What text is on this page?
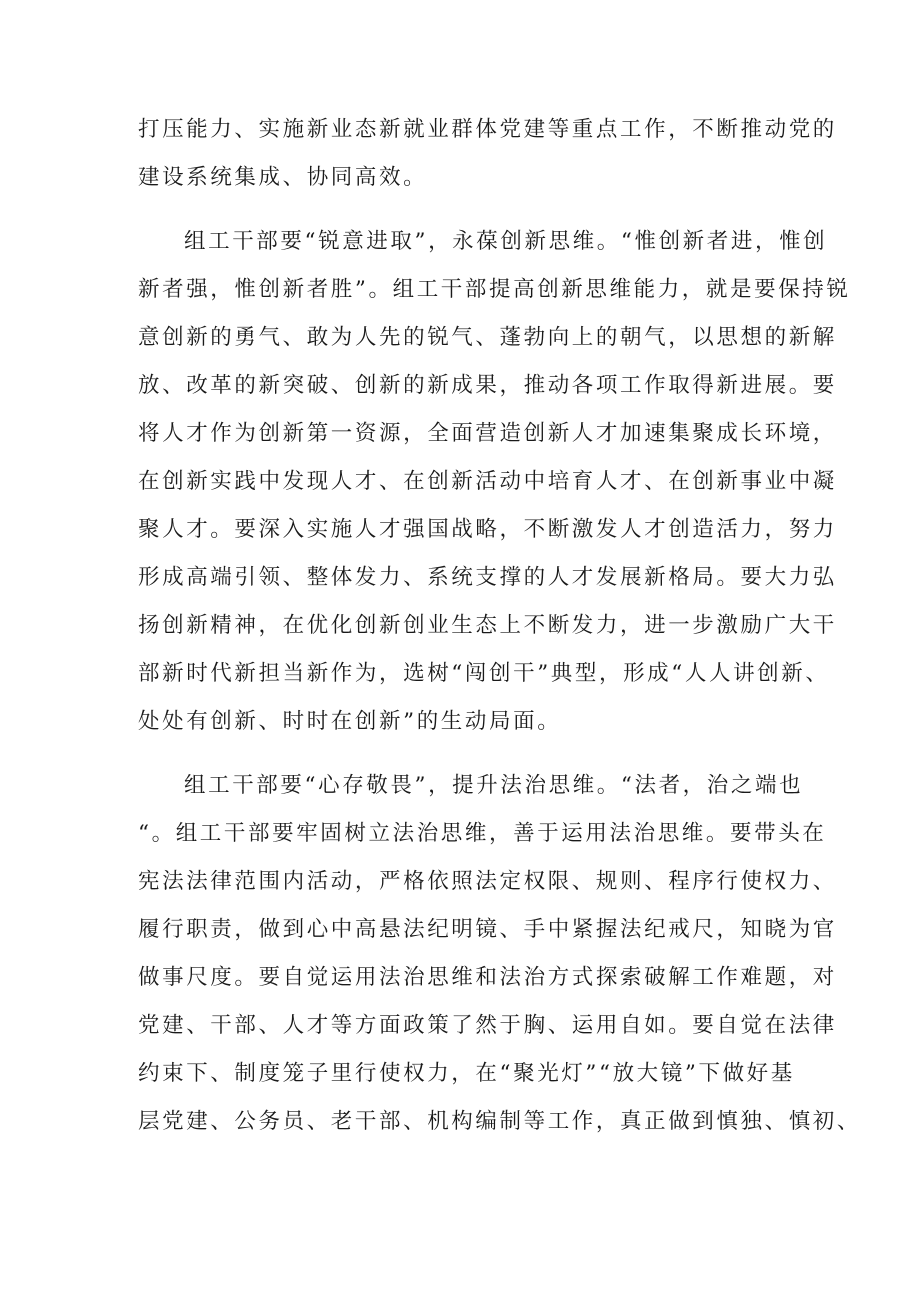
打压能力、实施新业态新就业群体党建等重点工作，不断推动党的
建设系统集成、协同高效。
组工干部要“锐意进取”，永葆创新思维。“惟创新者进，惟创
新者强，惟创新者胜”。组工干部提高创新思维能力，就是要保持锐
意创新的勇气、敢为人先的锐气、蓬勃向上的朝气，以思想的新解
放、改革的新突破、创新的新成果，推动各项工作取得新进展。要
将人才作为创新第一资源，全面营造创新人才加速集聚成长环境，
在创新实践中发现人才、在创新活动中培育人才、在创新事业中凝
聚人才。要深入实施人才强国战略，不断激发人才创造活力，努力
形成高端引领、整体发力、系统支撑的人才发展新格局。要大力弘
扬创新精神，在优化创新创业生态上不断发力，进一步激励广大干
部新时代新担当新作为，选树“闯创干”典型，形成“人人讲创新、
处处有创新、时时在创新”的生动局面。
组工干部要“心存敬畏”，提升法治思维。“法者，治之端也
“。组工干部要牢固树立法治思维，善于运用法治思维。要带头在
宪法法律范围内活动，严格依照法定权限、规则、程序行使权力、
履行职责，做到心中高悬法纪明镜、手中紧握法纪戒尺，知晓为官
做事尺度。要自觉运用法治思维和法治方式探索破解工作难题，对
党建、干部、人才等方面政策了然于胸、运用自如。要自觉在法律
约束下、制度笼子里行使权力，在“聚光灯”“放大镜”下做好基
层党建、公务员、老干部、机构编制等工作，真正做到慎独、慎初、
